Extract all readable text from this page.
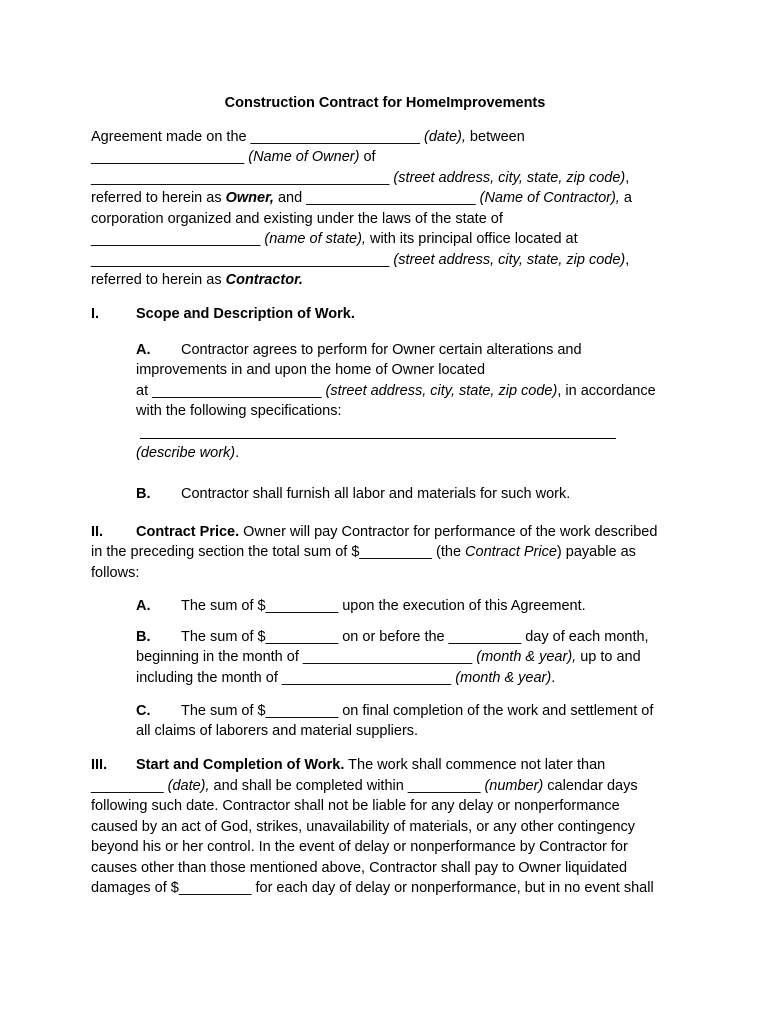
Construction Contract for HomeImprovements
Agreement made on the _____________________ (date), between
___________________ (Name of Owner) of
_____________________________________ (street address, city, state, zip code),
referred to herein as Owner, and _____________________ (Name of Contractor), a
corporation organized and existing under the laws of the state of
_____________________ (name of state), with its principal office located at
_____________________________________ (street address, city, state, zip code),
referred to herein as Contractor.
I.	Scope and Description of Work.
A. Contractor agrees to perform for Owner certain alterations and
improvements in and upon the home of Owner located
at _____________________ (street address, city, state, zip code), in accordance
with the following specifications:
(describe work).
B. Contractor shall furnish all labor and materials for such work.
II. Contract Price. Owner will pay Contractor for performance of the work described
in the preceding section the total sum of $_________ (the Contract Price) payable as
follows:
A. The sum of $_________ upon the execution of this Agreement.
B. The sum of $_________ on or before the _________ day of each month,
beginning in the month of _____________________ (month & year), up to and
including the month of _____________________ (month & year).
C. The sum of $_________ on final completion of the work and settlement of
all claims of laborers and material suppliers.
III. Start and Completion of Work. The work shall commence not later than
_________ (date), and shall be completed within _________ (number) calendar days
following such date. Contractor shall not be liable for any delay or nonperformance
caused by an act of God, strikes, unavailability of materials, or any other contingency
beyond his or her control. In the event of delay or nonperformance by Contractor for
causes other than those mentioned above, Contractor shall pay to Owner liquidated
damages of $_________ for each day of delay or nonperformance, but in no event shall
